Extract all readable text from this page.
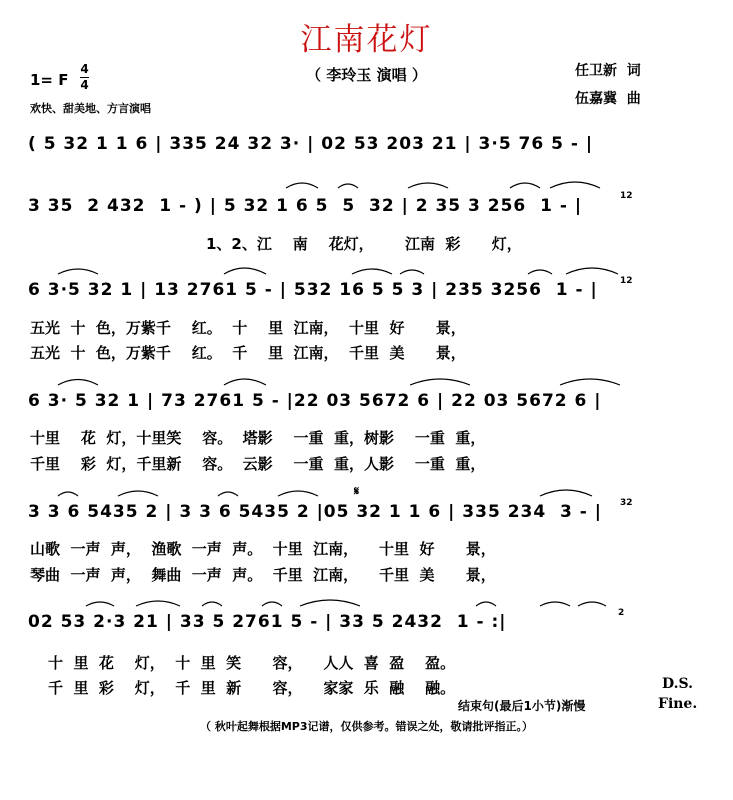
江南花灯
（ 李玲玉 演唱 ）
1= F
4
4
欢快、甜美地、方言演唱
任卫新  词
伍嘉冀  曲
( 5 32 1 1 6 | 335 24 32 3· | 02 53 203 21 | 3·5 76 5 - |
3 35  2 432  1 - ) | 5 32 1 6 5  5  32 | 2 35 3 256  1 - |	12
1、2、江    南    花灯，      江南  彩      灯，
6 3·5 32 1 | 13 2761 5 - | 532 16 5 5 3 | 235 3256  1 - | 12
五光  十  色，万紫千    红。  十    里  江南，  十里  好      景，
五光  十  色，万紫千    红。  千    里  江南，  千里  美      景，
6 3· 5 32 1 | 73 2761 5 - |22 03 5672 6 | 22 03 5672 6 |
十里    花  灯，十里笑    容。  塔影    一重  重，树影    一重  重，
千里    彩  灯，千里新    容。  云影    一重  重，人影    一重  重，
𝄋
3 3 6 5435 2 | 3 3 6 5435 2 |05 32 1 1 6 | 335 234  3 - | 32
山歌  一声  声，  渔歌  一声  声。  十里  江南，    十里  好      景，
琴曲  一声  声，  舞曲  一声  声。  千里  江南，    千里  美      景，
02 53 2·3 21 | 33 5 2761 5 - | 33 5 2432  1 - :|	2
十  里  花    灯，  十  里  笑      容，    人人  喜  盈    盈。
千  里  彩    灯，  千  里  新      容，    家家  乐  融    融。	D.S.
结束句(最后1小节)渐慢	Fine.
（ 秋叶起舞根据MP3记谱，仅供参考。错误之处，敬请批评指正。）
